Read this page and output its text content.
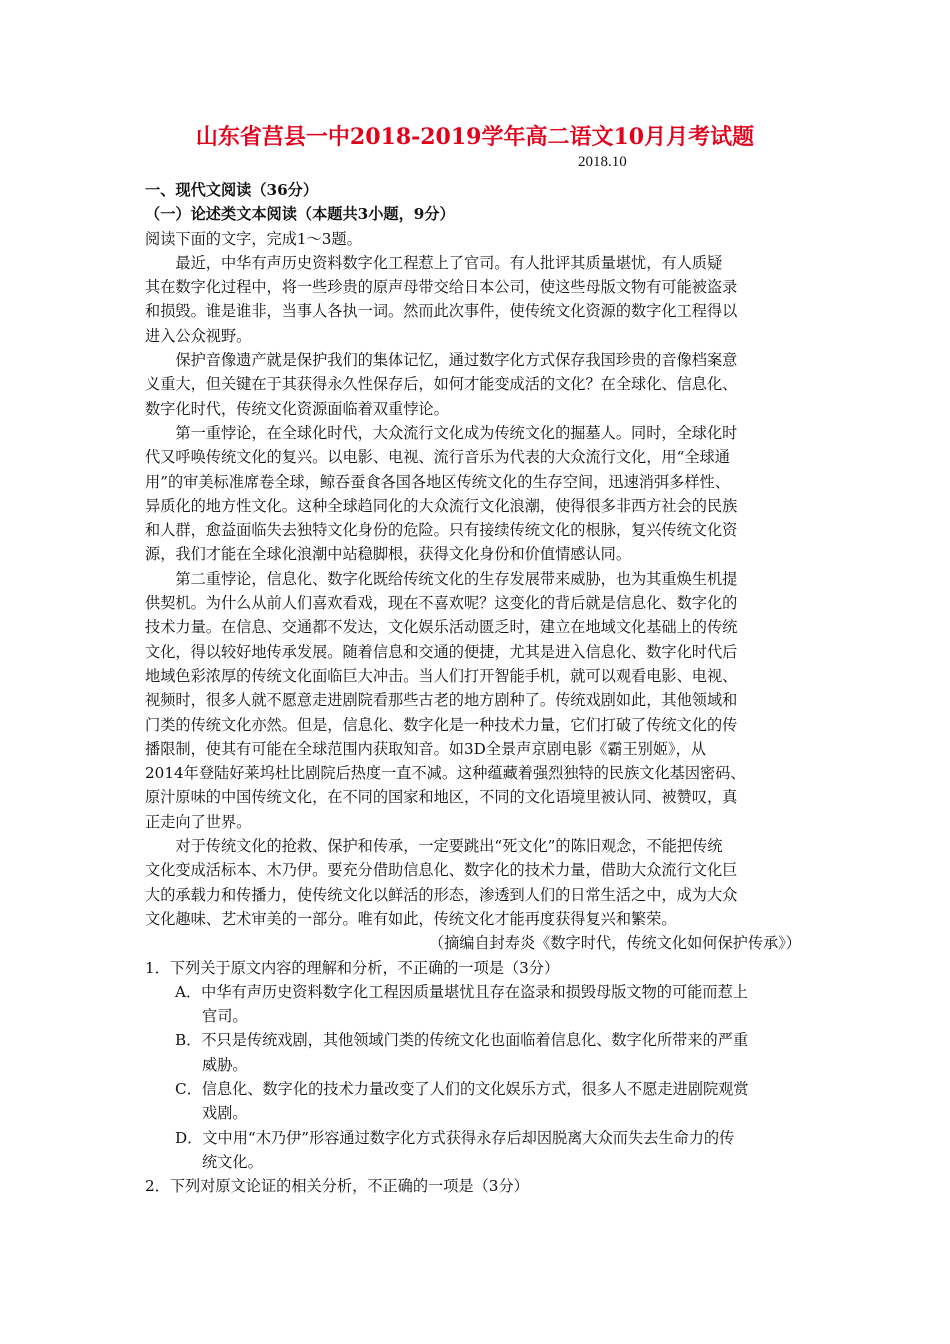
山东省莒县一中2018-2019学年高二语文10月月考试题
2018.10
一、现代文阅读（36分）
（一）论述类文本阅读（本题共3小题，9分）
阅读下面的文字，完成1～3题。
　　最近，中华有声历史资料数字化工程惹上了官司。有人批评其质量堪忧，有人质疑
其在数字化过程中，将一些珍贵的原声母带交给日本公司，使这些母版文物有可能被盗录
和损毁。谁是谁非，当事人各执一词。然而此次事件，使传统文化资源的数字化工程得以
进入公众视野。
　　保护音像遗产就是保护我们的集体记忆，通过数字化方式保存我国珍贵的音像档案意
义重大，但关键在于其获得永久性保存后，如何才能变成活的文化？在全球化、信息化、
数字化时代，传统文化资源面临着双重悖论。
　　第一重悖论，在全球化时代，大众流行文化成为传统文化的掘墓人。同时，全球化时
代又呼唤传统文化的复兴。以电影、电视、流行音乐为代表的大众流行文化，用“全球通
用”的审美标准席卷全球，鲸吞蚕食各国各地区传统文化的生存空间，迅速消弭多样性、
异质化的地方性文化。这种全球趋同化的大众流行文化浪潮，使得很多非西方社会的民族
和人群，愈益面临失去独特文化身份的危险。只有接续传统文化的根脉，复兴传统文化资
源，我们才能在全球化浪潮中站稳脚根，获得文化身份和价值情感认同。
　　第二重悖论，信息化、数字化既给传统文化的生存发展带来威胁，也为其重焕生机提
供契机。为什么从前人们喜欢看戏，现在不喜欢呢？这变化的背后就是信息化、数字化的
技术力量。在信息、交通都不发达，文化娱乐活动匮乏时，建立在地域文化基础上的传统
文化，得以较好地传承发展。随着信息和交通的便捷，尤其是进入信息化、数字化时代后
地域色彩浓厚的传统文化面临巨大冲击。当人们打开智能手机，就可以观看电影、电视、
视频时，很多人就不愿意走进剧院看那些古老的地方剧种了。传统戏剧如此，其他领域和
门类的传统文化亦然。但是，信息化、数字化是一种技术力量，它们打破了传统文化的传
播限制，使其有可能在全球范围内获取知音。如3D全景声京剧电影《霸王别姬》，从
2014年登陆好莱坞杜比剧院后热度一直不减。这种蕴藏着强烈独特的民族文化基因密码、
原汁原味的中国传统文化，在不同的国家和地区，不同的文化语境里被认同、被赞叹，真
正走向了世界。
　　对于传统文化的抢救、保护和传承，一定要跳出“死文化”的陈旧观念，不能把传统
文化变成活标本、木乃伊。要充分借助信息化、数字化的技术力量，借助大众流行文化巨
大的承载力和传播力，使传统文化以鲜活的形态，渗透到人们的日常生活之中，成为大众
文化趣味、艺术审美的一部分。唯有如此，传统文化才能再度获得复兴和繁荣。
（摘编自封寿炎《数字时代，传统文化如何保护传承》）
1．下列关于原文内容的理解和分析，不正确的一项是（3分）
A．中华有声历史资料数字化工程因质量堪忧且存在盗录和损毁母版文物的可能而惹上
官司。
B．不只是传统戏剧，其他领域门类的传统文化也面临着信息化、数字化所带来的严重
威胁。
C．信息化、数字化的技术力量改变了人们的文化娱乐方式，很多人不愿走进剧院观赏
戏剧。
D．文中用“木乃伊”形容通过数字化方式获得永存后却因脱离大众而失去生命力的传
统文化。
2．下列对原文论证的相关分析，不正确的一项是（3分）
